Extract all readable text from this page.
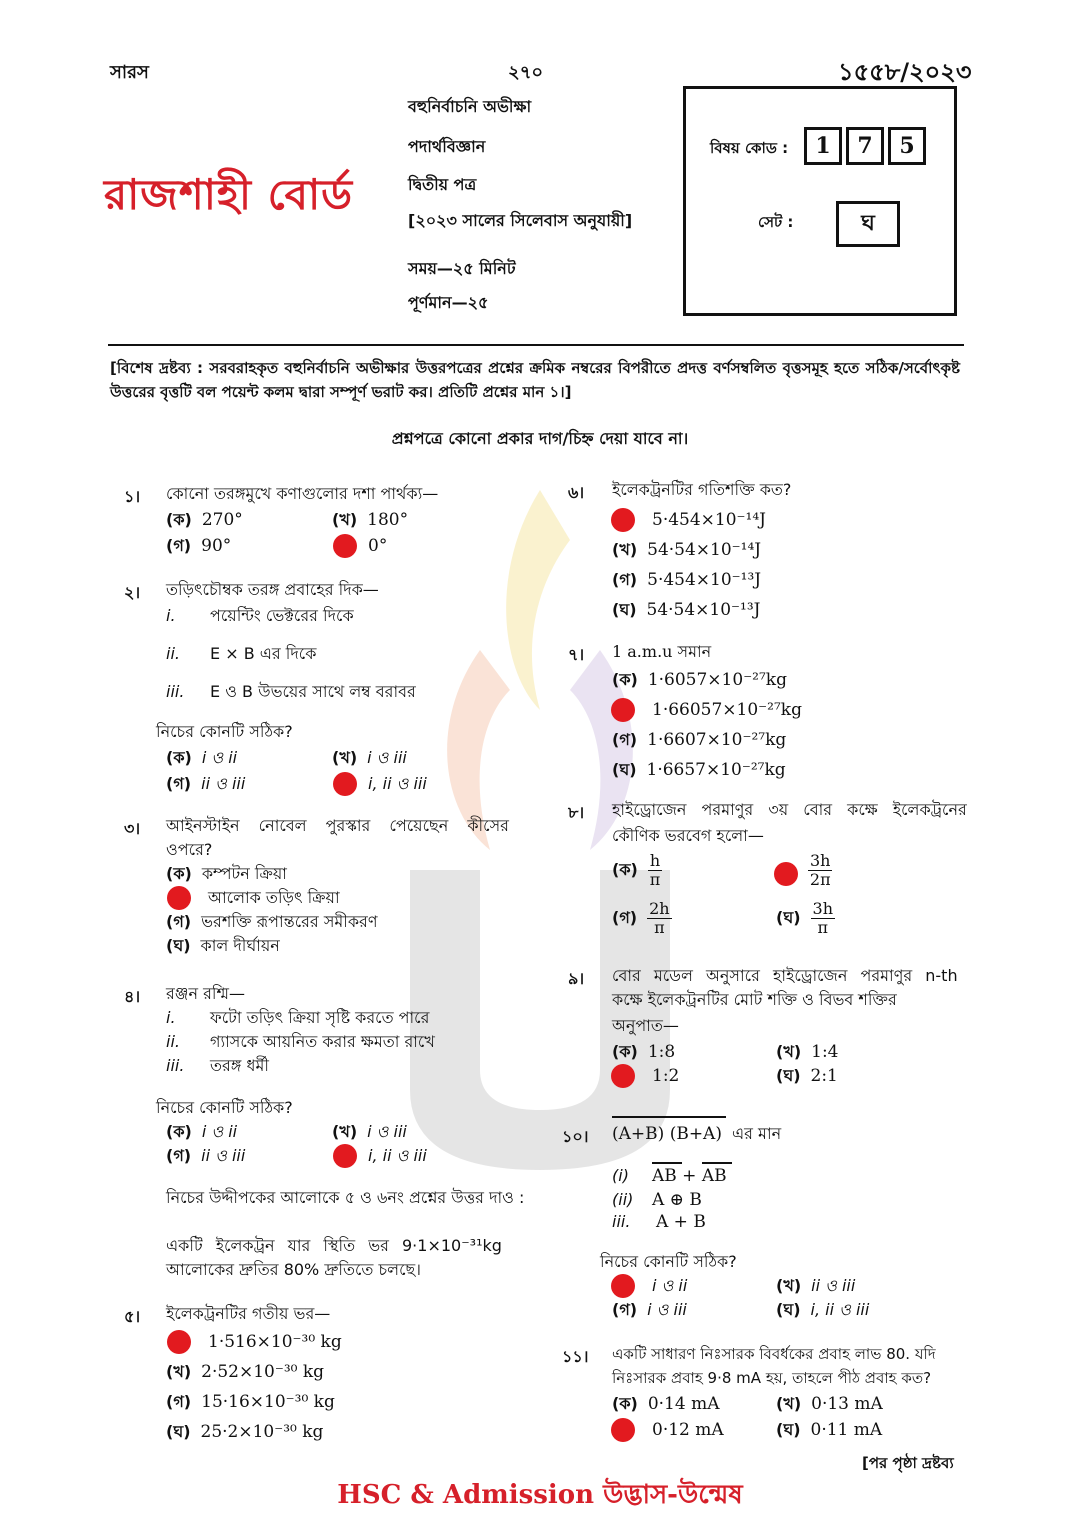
সারস	২৭০	১৫৫৮/২০২৩
রাজশাহী বোর্ড
বহুনির্বাচনি অভীক্ষা
পদার্থবিজ্ঞান
দ্বিতীয় পত্র
[২০২৩ সালের সিলেবাস অনুযায়ী]
সময়—২৫ মিনিট
পূর্ণমান—২৫
বিষয় কোড :	1	7	5
সেট :	ঘ
[বিশেষ দ্রষ্টব্য : সরবরাহকৃত বহুনির্বাচনি অভীক্ষার উত্তরপত্রের প্রশ্নের ক্রমিক নম্বরের বিপরীতে প্রদত্ত বর্ণসম্বলিত বৃত্তসমূহ হতে সঠিক/সর্বোৎকৃষ্ট উত্তরের বৃত্তটি বল পয়েন্ট কলম দ্বারা সম্পূর্ণ ভরাট কর। প্রতিটি প্রশ্নের মান ১।]
প্রশ্নপত্রে কোনো প্রকার দাগ/চিহ্ন দেয়া যাবে না।
১। কোনো তরঙ্গমুখে কণাগুলোর দশা পার্থক্য—
(ক) 270°	(খ) 180°
(গ) 90°	0°
২। তড়িৎচৌম্বক তরঙ্গ প্রবাহের দিক—
i. পয়েন্টিং ভেক্টরের দিকে
ii. E × B এর দিকে
iii. E ও B উভয়ের সাথে লম্ব বরাবর
নিচের কোনটি সঠিক?
(ক) i ও ii	(খ) i ও iii
(গ) ii ও iii	i, ii ও iii
৩। আইনস্টাইন নোবেল পুরস্কার পেয়েছেন কীসের
ওপরে?
(ক) কম্পটন ক্রিয়া
আলোক তড়িৎ ক্রিয়া
(গ) ভরশক্তি রূপান্তরের সমীকরণ
(ঘ) কাল দীর্ঘায়ন
৪। রঞ্জন রশ্মি—
i. ফটো তড়িৎ ক্রিয়া সৃষ্টি করতে পারে
ii. গ্যাসকে আয়নিত করার ক্ষমতা রাখে
iii. তরঙ্গ ধর্মী
নিচের কোনটি সঠিক?
(ক) i ও ii	(খ) i ও iii
(গ) ii ও iii	i, ii ও iii
নিচের উদ্দীপকের আলোকে ৫ ও ৬নং প্রশ্নের উত্তর দাও :
একটি ইলেকট্রন যার স্থিতি ভর 9·1×10⁻³¹kg
আলোকের দ্রুতির 80% দ্রুতিতে চলছে।
৫। ইলেকট্রনটির গতীয় ভর—
1·516×10⁻³⁰ kg
(খ) 2·52×10⁻³⁰ kg
(গ) 15·16×10⁻³⁰ kg
(ঘ) 25·2×10⁻³⁰ kg
৬। ইলেকট্রনটির গতিশক্তি কত?
5·454×10⁻¹⁴J
(খ) 54·54×10⁻¹⁴J
(গ) 5·454×10⁻¹³J
(ঘ) 54·54×10⁻¹³J
৭। 1 a.m.u সমান
(ক) 1·6057×10⁻²⁷kg
1·66057×10⁻²⁷kg
(গ) 1·6607×10⁻²⁷kg
(ঘ) 1·6657×10⁻²⁷kg
৮। হাইড্রোজেন পরমাণুর ৩য় বোর কক্ষে ইলেকট্রনের
কৌণিক ভরবেগ হলো—
(ক) $\frac{h}{\pi}$	$\frac{3h}{2\pi}$
(গ) $\frac{2h}{\pi}$	(ঘ) $\frac{3h}{\pi}$
৯। বোর মডেল অনুসারে হাইড্রোজেন পরমাণুর n-th
কক্ষে ইলেকট্রনটির মোট শক্তি ও বিভব শক্তির
অনুপাত—
(ক) 1:8	(খ) 1:4
1:2	(ঘ) 2:1
১০। (A+B) (B+A) এর মান
(i) AB + AB
(ii) A ⊕ B
iii. A + B
নিচের কোনটি সঠিক?
i ও ii	(খ) ii ও iii
(গ) i ও iii	(ঘ) i, ii ও iii
১১। একটি সাধারণ নিঃসারক বিবর্ধকের প্রবাহ লাভ 80. যদি
নিঃসারক প্রবাহ 9·8 mA হয়, তাহলে পীঠ প্রবাহ কত?
(ক) 0·14 mA	(খ) 0·13 mA
0·12 mA	(ঘ) 0·11 mA
[পর পৃষ্ঠা দ্রষ্টব্য
HSC & Admission উদ্ভাস-উন্মেষ
